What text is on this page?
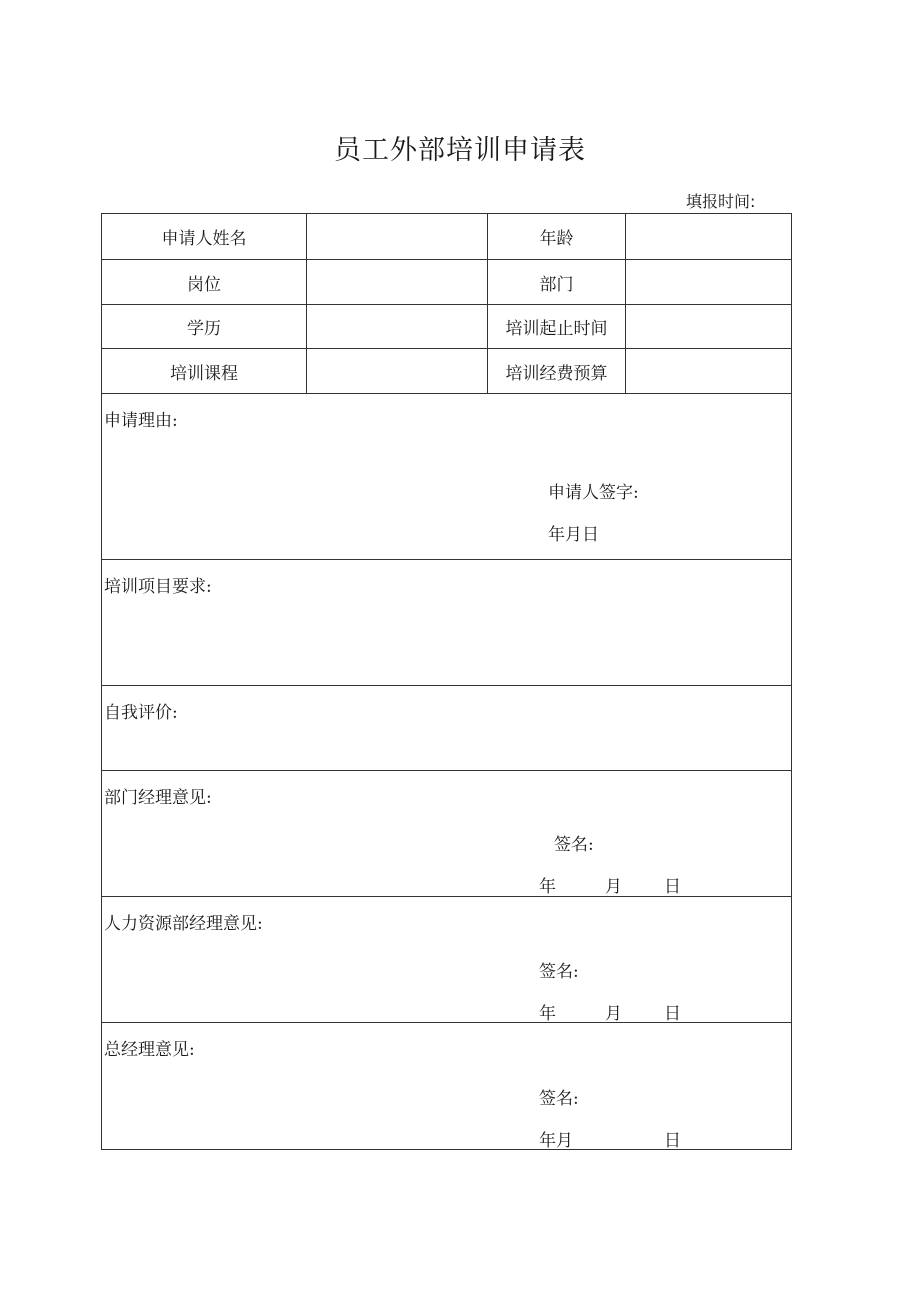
员工外部培训申请表
填报时间:
申请人姓名		年龄	
岗位		部门	
学历		培训起止时间	
培训课程		培训经费预算	

申请理由:
申请人签字:
年月日			

培训项目要求:			

自我评价:			

部门经理意见:
签名:
年 月 日			

人力资源部经理意见:
签名:
年 月 日			

总经理意见:
签名:
年月 日			
